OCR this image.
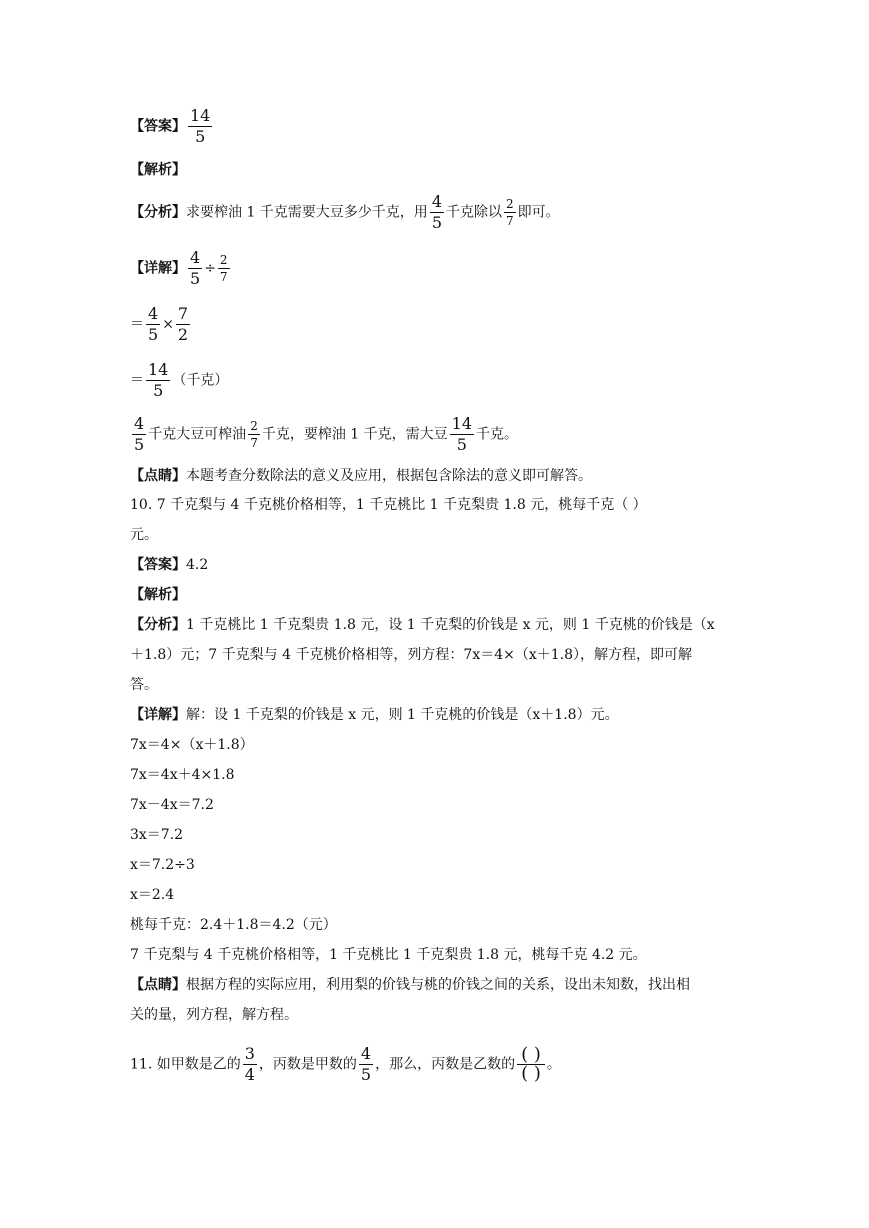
【答案】 $\frac{14}{5}$
【解析】
【分析】求要榨油 1 千克需要大豆多少千克，用 $\frac{4}{5}$ 千克除以 $\frac{2}{7}$ 即可。
【详解】 $\frac{4}{5} \div \frac{2}{7}$
＝ $\frac{4}{5} \times \frac{7}{2}$
＝ $\frac{14}{5}$ （千克）
$\frac{4}{5}$ 千克大豆可榨油 $\frac{2}{7}$ 千克，要榨油 1 千克，需大豆 $\frac{14}{5}$ 千克。
【点睛】本题考查分数除法的意义及应用，根据包含除法的意义即可解答。
10. 7 千克梨与 4 千克桃价格相等，1 千克桃比 1 千克梨贵 1.8 元，桃每千克（ ）
元。
【答案】4.2
【解析】
【分析】1 千克桃比 1 千克梨贵 1.8 元，设 1 千克梨的价钱是 x 元，则 1 千克桃的价钱是（x
＋1.8）元；7 千克梨与 4 千克桃价格相等，列方程：7x＝4×（x＋1.8），解方程，即可解
答。
【详解】解：设 1 千克梨的价钱是 x 元，则 1 千克桃的价钱是（x＋1.8）元。
7x＝4×（x＋1.8）
7x＝4x＋4×1.8
7x－4x＝7.2
3x＝7.2
x＝7.2÷3
x＝2.4
桃每千克：2.4＋1.8＝4.2（元）
7 千克梨与 4 千克桃价格相等，1 千克桃比 1 千克梨贵 1.8 元，桃每千克 4.2 元。
【点睛】根据方程的实际应用，利用梨的价钱与桃的价钱之间的关系，设出未知数，找出相
关的量，列方程，解方程。
11. 如甲数是乙的 $\frac{3}{4}$ ，丙数是甲数的 $\frac{4}{5}$ ，那么，丙数是乙数的 $\frac{( )}{( )}$ 。
